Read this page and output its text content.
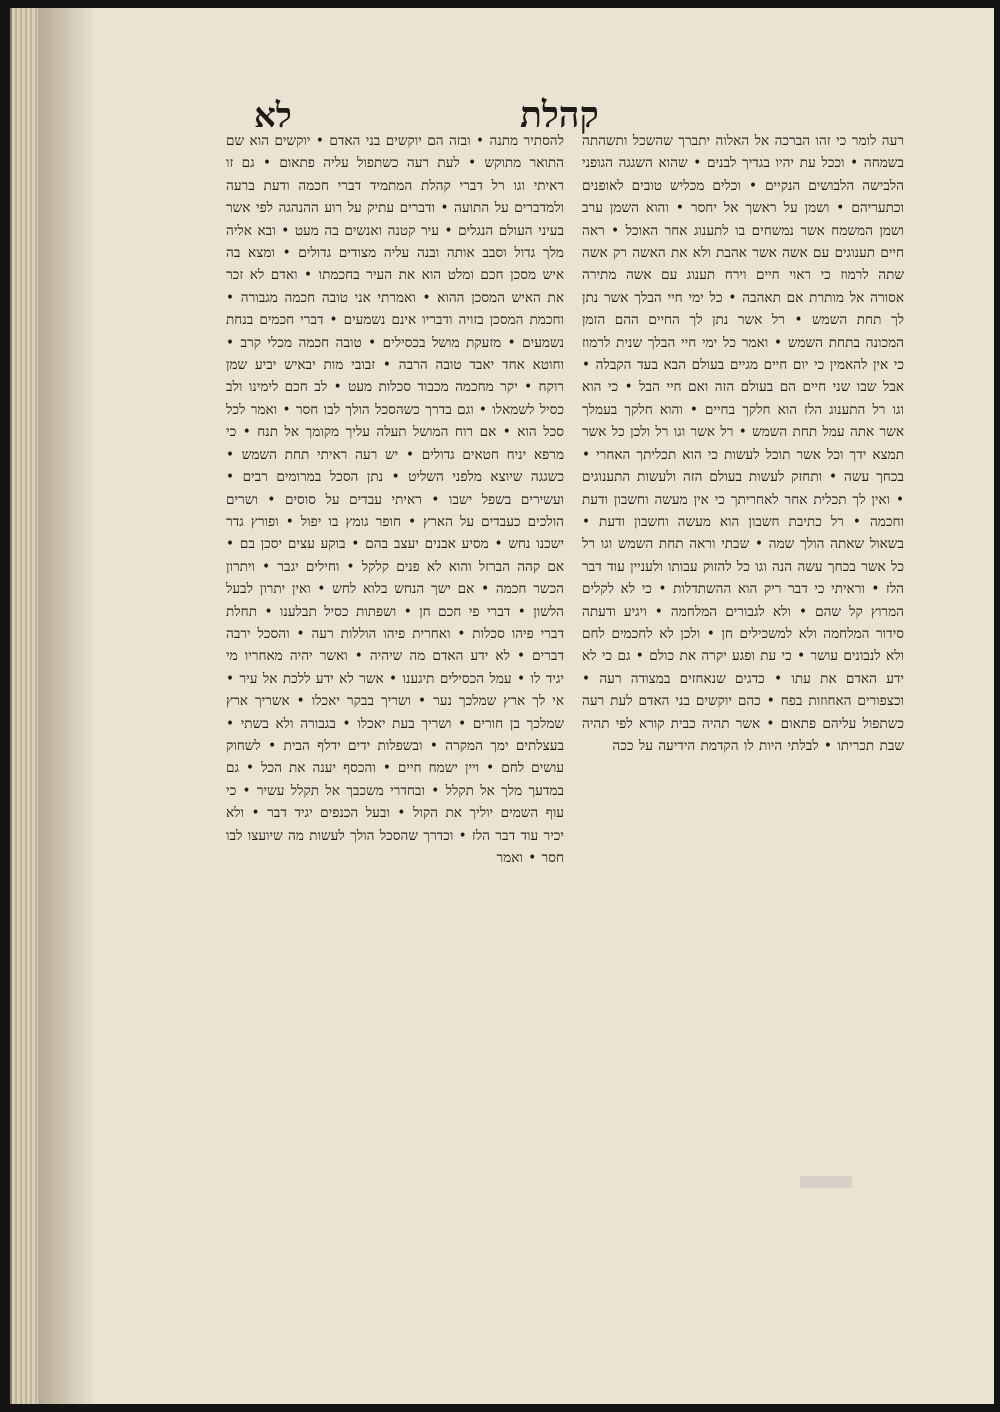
לא	קהלת

רעה לומר כי זהו הברכה אל האלוה יתברך שהשכל ותשהתה בשמחה • וככל עת יהיו בגדיך לבנים • שהוא השגגה הגופני הלבישה הלבושים הנקיים • וכלים מכליש טובים לאופנים וכתעריהם • ושמן על ראשך אל יחסר • והוא השמן ערב ושמן המשמח אשר נמשחים בו לתענוג אחר האוכל • ראה חיים תענוגים עם אשה אשר אהבת ולא את האשה רק אשה שתה לרמוז כי ראוי חיים וירח תענוג עם אשה מתירה אסורה אל מותרת אם תאהבה • כל ימי חיי הבלך אשר נתן לך תחת השמש • רל אשר נתן לך החיים ההם הזמן המכונה בתחת השמש • ואמר כל ימי חיי הבלך שנית לרמוז כי אין להאמין כי יום חיים מגיים בעולם הבא בעד הקבלה • אבל שבו שני חיים הם בעולם הזה ואם חיי הבל • כי הוא וגו רל התענוג הלז הוא חלקך בחיים • והוא חלקך בעמלך אשר אתה עמל תחת השמש • רל אשר וגו רל ולכן כל אשר תמצא ידך וכל אשר תוכל לעשות כי הוא תכליתך האחרי • בכחך עשה • ותחזק לעשות בעולם הזה ולעשות התענוגים • ואין לך תכלית אחר לאחריתך כי אין מעשה וחשבון ודעת וחכמה • רל כתיבת חשבון הוא מעשה וחשבון ודעת • בשאול שאתה הולך שמה • שבתי וראה תחת השמש וגו רל כל אשר בכחך עשה הנה וגו כל להזוק עבותו ולעניין עוד דבר הלז • וראיתי כי דבר ריק הוא ההשתדלות • כי לא לקלים המרוץ קל שהם • ולא לגבורים המלחמה • ויגיע ודעתה סידור המלחמה ולא למשכילים חן • ולכן לא לחכמים לחם ולא לנבונים עושר • כי עת ופגע יקרה את כולם • גם כי לא ידע האדם את עתו • כדגים שנאחזים במצודה רעה • וכצפורים האחוזות בפח • כהם יוקשים בני האדם לעת רעה כשתפול עליהם פתאום • אשר תהיה כבית קורא לפי תהיה שבת תכריתו • לבלתי היות לו הקדמת הידיעה על ככה

להסתיר מתנה • ובזה הם יוקשים בני האדם • יוקשים הוא שם התואר מתוקש • לעת רעה כשתפול עליה פתאום • גם זו ראיתי וגו רל דברי קהלת המתמיד דברי חכמה ודעת ברעה ולמדברים על התועה • ודברים עתיק על רוע ההנהגה לפי אשר בעיני העולם הנגלים • עיר קטנה ואנשים בה מעט • ובא אליה מלך גדול וסבב אותה ובנה עליה מצודים גדולים • ומצא בה איש מסכן חכם ומלט הוא את העיר בחכמתו • ואדם לא זכר את האיש המסכן ההוא • ואמרתי אני טובה חכמה מגבורה • וחכמת המסכן בזויה ודבריו אינם נשמעים • דברי חכמים בנחת נשמעים • מזעקת מושל בכסילים • טובה חכמה מכלי קרב • וחוטא אחד יאבד טובה הרבה • זבובי מות יבאיש יביע שמן רוקח • יקר מחכמה מכבוד סכלות מעט • לב חכם לימינו ולב כסיל לשמאלו • וגם בדרך כשהסכל הולך לבו חסר • ואמר לכל סכל הוא • אם רוח המושל תעלה עליך מקומך אל תנח • כי מרפא יניח חטאים גדולים • יש רעה ראיתי תחת השמש • כשגגה שיוצא מלפני השליט • נתן הסכל במרומים רבים • ועשירים בשפל ישבו • ראיתי עבדים על סוסים • ושרים הולכים כעבדים על הארץ • חופר גומץ בו יפול • ופורץ גדר ישכנו נחש • מסיע אבנים יעצב בהם • בוקע עצים יסכן בם • אם קהה הברזל והוא לא פנים קלקל • וחילים יגבר • ויתרון הכשר חכמה • אם ישך הנחש בלוא לחש • ואין יתרון לבעל הלשון • דברי פי חכם חן • ושפתות כסיל תבלענו • תחלת דברי פיהו סכלות • ואחרית פיהו הוללות רעה • והסכל ירבה דברים • לא ידע האדם מה שיהיה • ואשר יהיה מאחריו מי יגיד לו • עמל הכסילים תיגענו • אשר לא ידע ללכת אל עיר • אי לך ארץ שמלכך נער • ושריך בבקר יאכלו • אשריך ארץ שמלכך בן חורים • ושריך בעת יאכלו • בגבורה ולא בשתי • בעצלתים ימך המקרה • ובשפלות ידים ידלף הבית • לשחוק עושים לחם • ויין ישמח חיים • והכסף יענה את הכל • גם במדעך מלך אל תקלל • ובחדרי משכבך אל תקלל עשיר • כי עוף השמים יוליך את הקול • ובעל הכנפים יגיד דבר • ולא יכיר עוד דבר הלז • וכדרך שהסכל הולך לעשות מה שיועצו לבו חסר • ואמר
